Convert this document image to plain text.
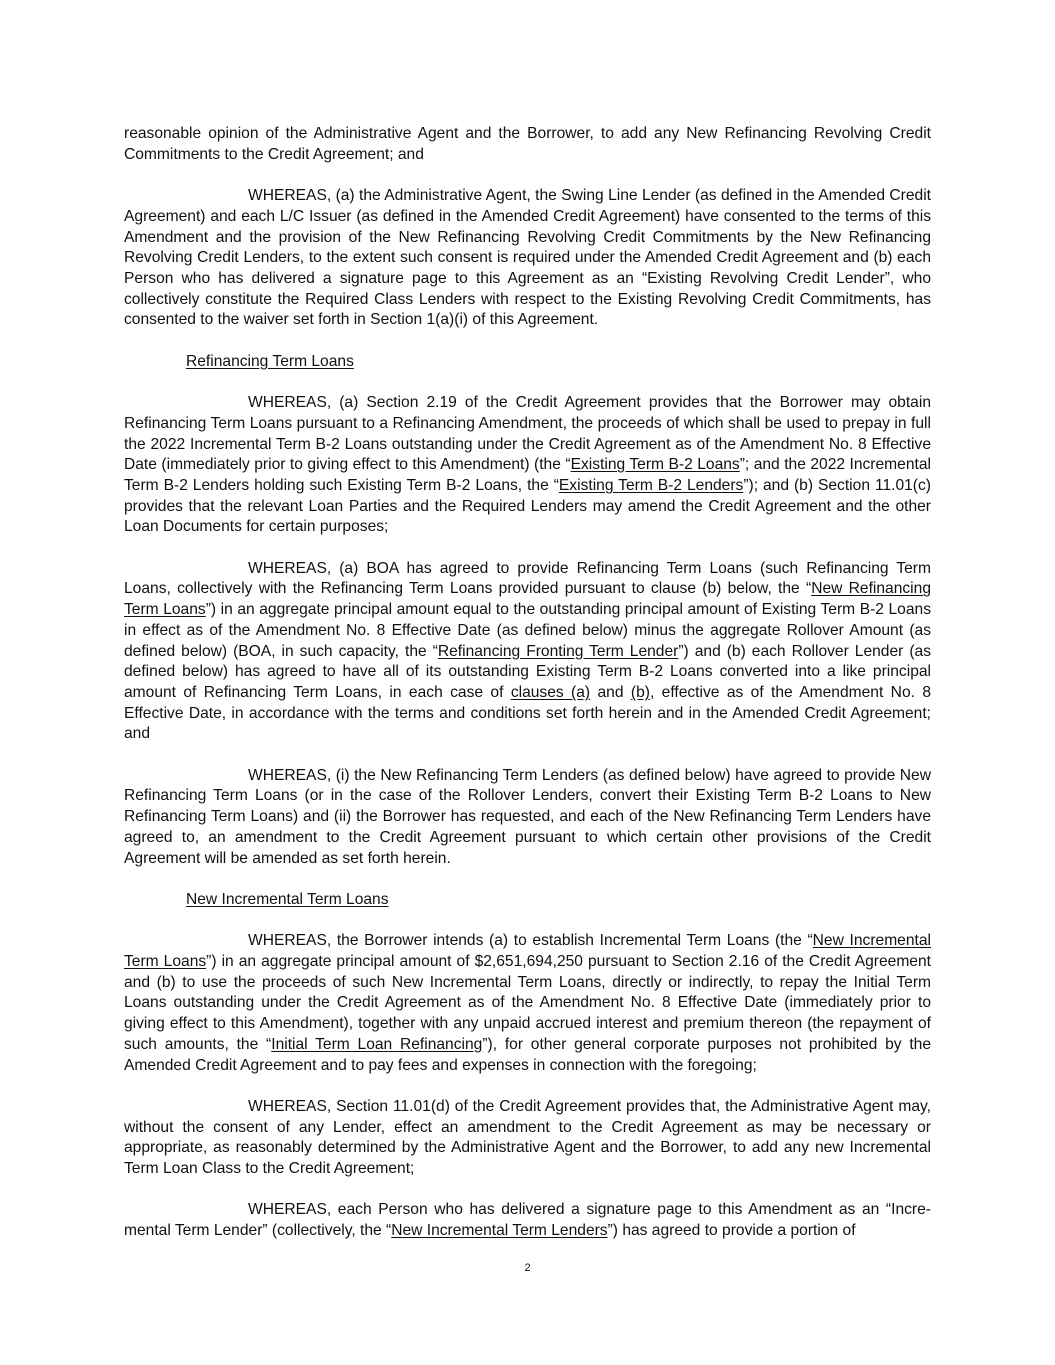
reasonable opinion of the Administrative Agent and the Borrower, to add any New Refinancing Revolving Credit Commitments to the Credit Agreement; and

WHEREAS, (a) the Administrative Agent, the Swing Line Lender (as defined in the Amended Credit Agreement) and each L/C Issuer (as defined in the Amended Credit Agreement) have consented to the terms of this Amendment and the provision of the New Refinancing Revolving Credit Commitments by the New Refinancing Revolving Credit Lenders, to the extent such consent is required under the Amended Credit Agreement and (b) each Person who has delivered a signature page to this Agreement as an “Existing Revolving Credit Lender”, who collectively constitute the Required Class Lenders with respect to the Existing Revolving Credit Commitments, has consented to the waiver set forth in Section 1(a)(i) of this Agreement.

Refinancing Term Loans

WHEREAS, (a) Section 2.19 of the Credit Agreement provides that the Borrower may obtain Refinancing Term Loans pursuant to a Refinancing Amendment, the proceeds of which shall be used to prepay in full the 2022 Incremental Term B-2 Loans outstanding under the Credit Agreement as of the Amendment No. 8 Effective Date (immediately prior to giving effect to this Amendment) (the “Existing Term B-2 Loans”; and the 2022 Incremental Term B-2 Lenders holding such Existing Term B-2 Loans, the “Existing Term B-2 Lenders”); and (b) Section 11.01(c) provides that the relevant Loan Parties and the Required Lenders may amend the Credit Agreement and the other Loan Documents for certain purposes;

WHEREAS, (a) BOA has agreed to provide Refinancing Term Loans (such Refinancing Term Loans, collectively with the Refinancing Term Loans provided pursuant to clause (b) below, the “New Refinancing Term Loans”) in an aggregate principal amount equal to the outstanding principal amount of Existing Term B-2 Loans in effect as of the Amendment No. 8 Effective Date (as defined below) minus the aggregate Rollover Amount (as defined below) (BOA, in such capacity, the “Refinancing Fronting Term Lender”) and (b) each Rollover Lender (as defined below) has agreed to have all of its outstanding Existing Term B-2 Loans converted into a like principal amount of Refinancing Term Loans, in each case of clauses (a) and (b), effective as of the Amendment No. 8 Effective Date, in accordance with the terms and conditions set forth herein and in the Amended Credit Agreement; and

WHEREAS, (i) the New Refinancing Term Lenders (as defined below) have agreed to provide New Refinancing Term Loans (or in the case of the Rollover Lenders, convert their Existing Term B-2 Loans to New Refinancing Term Loans) and (ii) the Borrower has requested, and each of the New Refinancing Term Lenders have agreed to, an amendment to the Credit Agreement pursuant to which certain other provisions of the Credit Agreement will be amended as set forth herein.

New Incremental Term Loans

WHEREAS, the Borrower intends (a) to establish Incremental Term Loans (the “New Incremental Term Loans”) in an aggregate principal amount of $2,651,694,250 pursuant to Section 2.16 of the Credit Agreement and (b) to use the proceeds of such New Incremental Term Loans, directly or indirectly, to repay the Initial Term Loans outstanding under the Credit Agreement as of the Amendment No. 8 Effective Date (immediately prior to giving effect to this Amendment), together with any unpaid accrued interest and premium thereon (the repayment of such amounts, the “Initial Term Loan Refinancing”), for other general corporate purposes not prohibited by the Amended Credit Agreement and to pay fees and expenses in connection with the foregoing;

WHEREAS, Section 11.01(d) of the Credit Agreement provides that, the Administrative Agent may, without the consent of any Lender, effect an amendment to the Credit Agreement as may be necessary or appropriate, as reasonably determined by the Administrative Agent and the Borrower, to add any new Incremental Term Loan Class to the Credit Agreement;

WHEREAS, each Person who has delivered a signature page to this Amendment as an “Incremental Term Lender” (collectively, the “New Incremental Term Lenders”) has agreed to provide a portion of

2
